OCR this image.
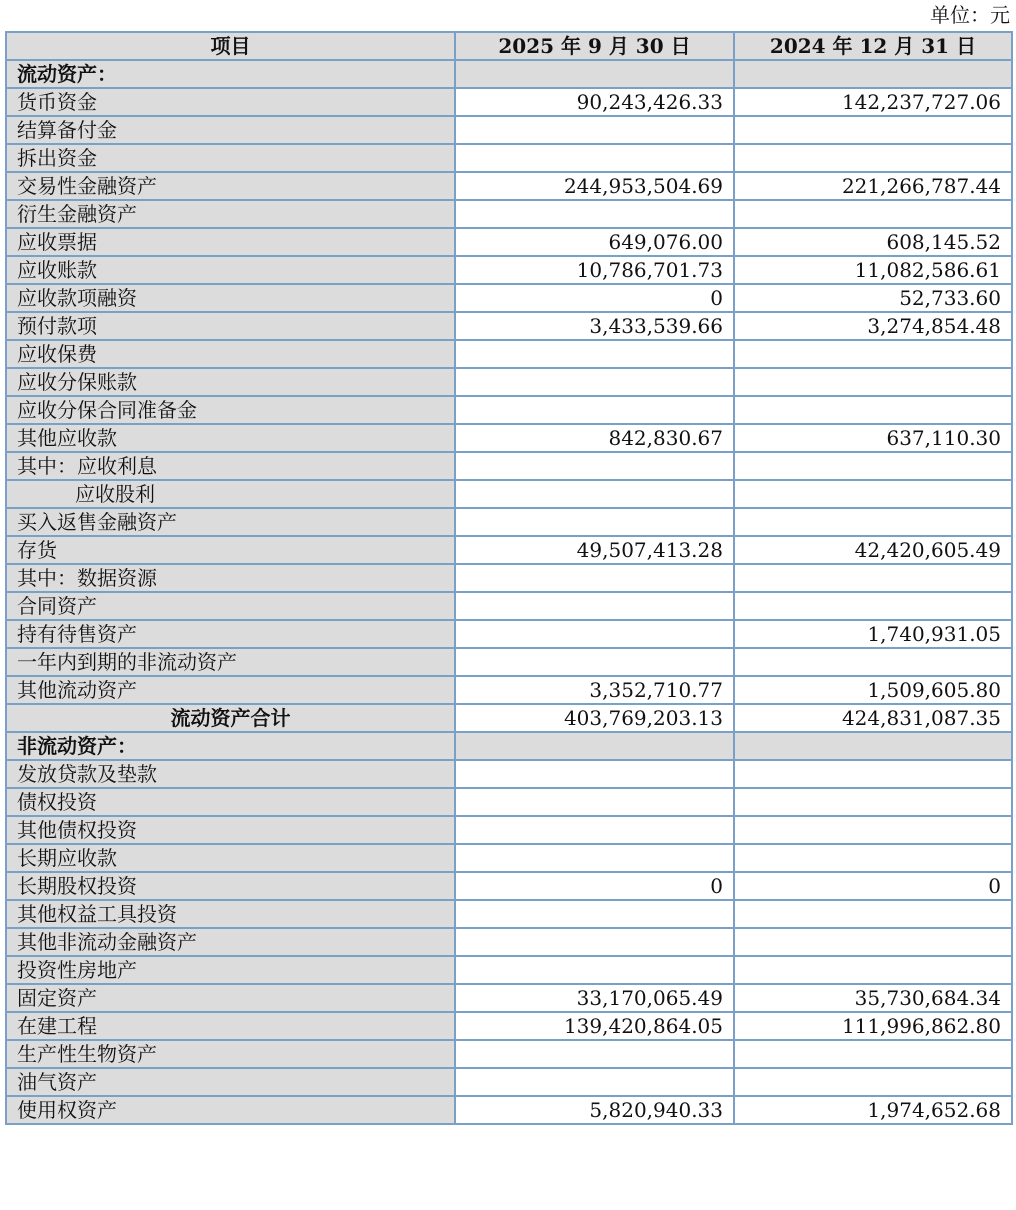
单位：元
项目	2025 年 9 月 30 日	2024 年 12 月 31 日
流动资产：		
货币资金	90,243,426.33	142,237,727.06
结算备付金		
拆出资金		
交易性金融资产	244,953,504.69	221,266,787.44
衍生金融资产		
应收票据	649,076.00	608,145.52
应收账款	10,786,701.73	11,082,586.61
应收款项融资	0	52,733.60
预付款项	3,433,539.66	3,274,854.48
应收保费		
应收分保账款		
应收分保合同准备金		
其他应收款	842,830.67	637,110.30
其中：应收利息		
应收股利		
买入返售金融资产		
存货	49,507,413.28	42,420,605.49
其中：数据资源		
合同资产		
持有待售资产		1,740,931.05
一年内到期的非流动资产		
其他流动资产	3,352,710.77	1,509,605.80
流动资产合计	403,769,203.13	424,831,087.35
非流动资产：		
发放贷款及垫款		
债权投资		
其他债权投资		
长期应收款		
长期股权投资	0	0
其他权益工具投资		
其他非流动金融资产		
投资性房地产		
固定资产	33,170,065.49	35,730,684.34
在建工程	139,420,864.05	111,996,862.80
生产性生物资产		
油气资产		
使用权资产	5,820,940.33	1,974,652.68
